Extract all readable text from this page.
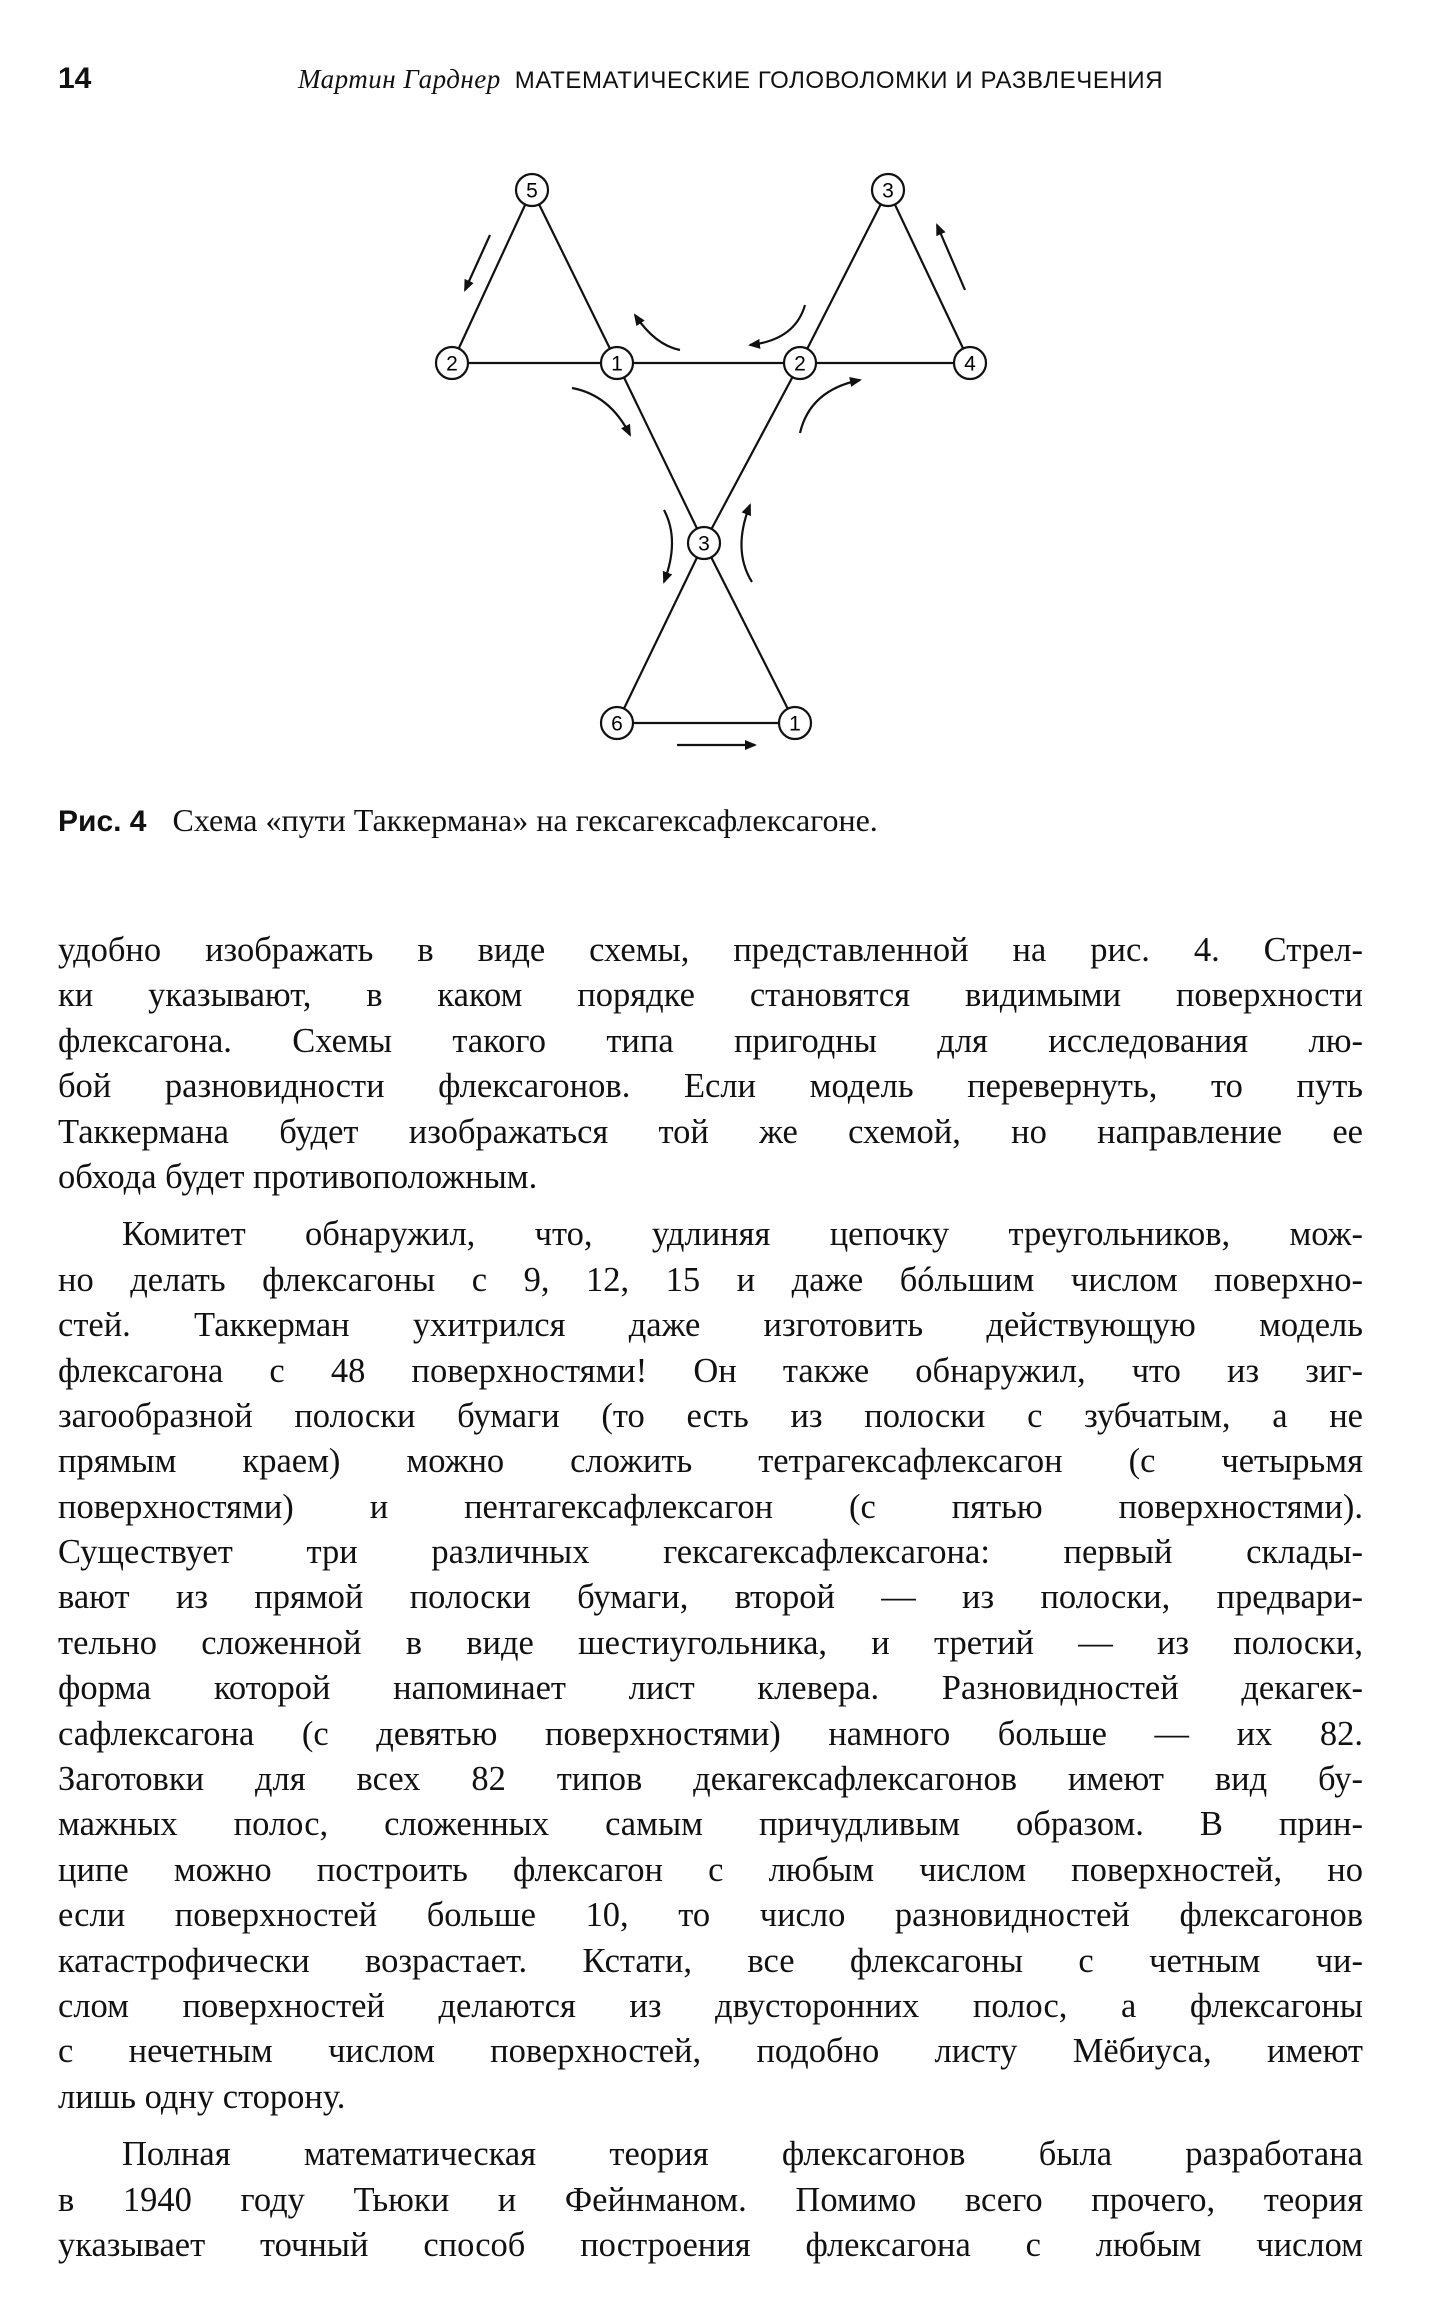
14	Мартин Гарднер МАТЕМАТИЧЕСКИЕ ГОЛОВОЛОМКИ И РАЗВЛЕЧЕНИЯ
5
2	1	2
3
4
3
6	1
Рис. 4 Схема «пути Таккермана» на гексагексафлексагоне.
удобно изображать в виде схемы, представленной на рис. 4. Стрел-
ки указывают, в каком порядке становятся видимыми поверхности
флексагона. Схемы такого типа пригодны для исследования лю-
бой разновидности флексагонов. Если модель перевернуть, то путь
Таккермана будет изображаться той же схемой, но направление ее
обхода будет противоположным.
Комитет обнаружил, что, удлиняя цепочку треугольников, мож-
но делать флексагоны с 9, 12, 15 и даже бóльшим числом поверхно-
стей. Таккерман ухитрился даже изготовить действующую модель
флексагона с 48 поверхностями! Он также обнаружил, что из зиг-
загообразной полоски бумаги (то есть из полоски с зубчатым, а не
прямым краем) можно сложить тетрагексафлексагон (с четырьмя
поверхностями) и пентагексафлексагон (с пятью поверхностями).
Существует три различных гексагексафлексагона: первый склады-
вают из прямой полоски бумаги, второй — из полоски, предвари-
тельно сложенной в виде шестиугольника, и третий — из полоски,
форма которой напоминает лист клевера. Разновидностей декагек-
сафлексагона (с девятью поверхностями) намного больше — их 82.
Заготовки для всех 82 типов декагексафлексагонов имеют вид бу-
мажных полос, сложенных самым причудливым образом. В прин-
ципе можно построить флексагон с любым числом поверхностей, но
если поверхностей больше 10, то число разновидностей флексагонов
катастрофически возрастает. Кстати, все флексагоны с четным чи-
слом поверхностей делаются из двусторонних полос, а флексагоны
с нечетным числом поверхностей, подобно листу Мёбиуса, имеют
лишь одну сторону.
Полная математическая теория флексагонов была разработана
в 1940 году Тьюки и Фейнманом. Помимо всего прочего, теория
указывает точный способ построения флексагона с любым числом
